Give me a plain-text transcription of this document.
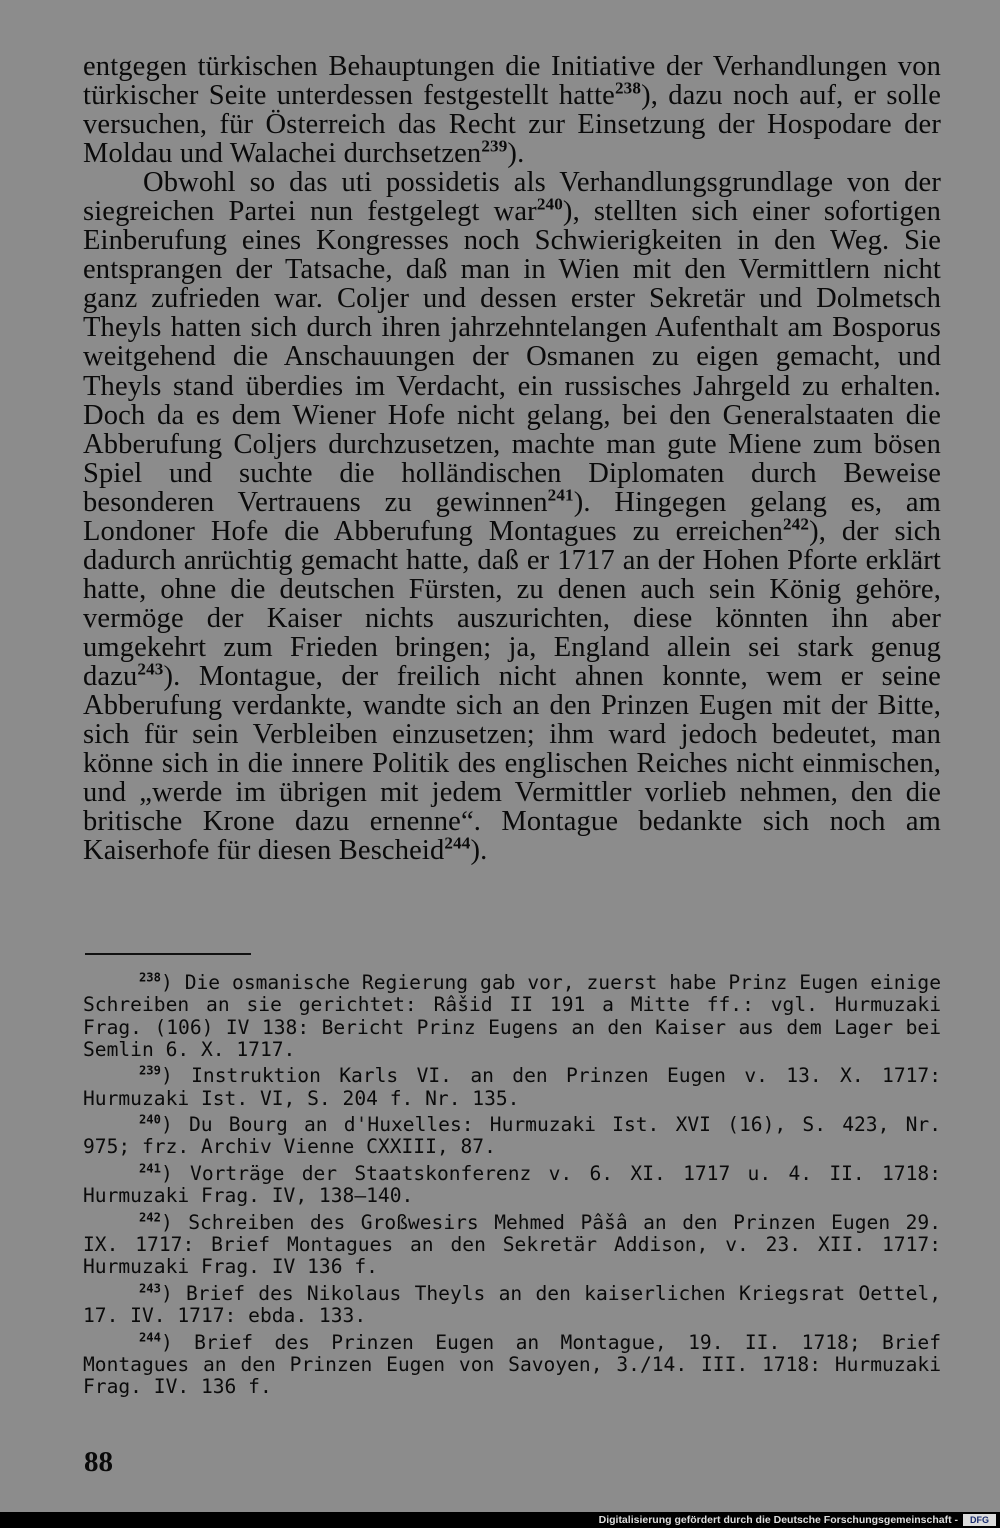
entgegen türkischen Behauptungen die Initiative der Verhandlungen von türkischer Seite unterdessen festgestellt hatte$^{238}$), dazu noch auf, er solle versuchen, für Österreich das Recht zur Einsetzung der Hospodare der Moldau und Walachei durchsetzen$^{239}$).

Obwohl so das uti possidetis als Verhandlungsgrundlage von der siegreichen Partei nun festgelegt war$^{240}$), stellten sich einer sofortigen Einberufung eines Kongresses noch Schwierigkeiten in den Weg. Sie entsprangen der Tatsache, daß man in Wien mit den Vermittlern nicht ganz zufrieden war. Coljer und dessen erster Sekretär und Dolmetsch Theyls hatten sich durch ihren jahrzehntelangen Aufenthalt am Bosporus weitgehend die Anschauungen der Osmanen zu eigen gemacht, und Theyls stand überdies im Verdacht, ein russisches Jahrgeld zu erhalten. Doch da es dem Wiener Hofe nicht gelang, bei den Generalstaaten die Abberufung Coljers durchzusetzen, machte man gute Miene zum bösen Spiel und suchte die holländischen Diplomaten durch Beweise besonderen Vertrauens zu gewinnen$^{241}$). Hingegen gelang es, am Londoner Hofe die Abberufung Montagues zu erreichen$^{242}$), der sich dadurch anrüchtig gemacht hatte, daß er 1717 an der Hohen Pforte erklärt hatte, ohne die deutschen Fürsten, zu denen auch sein König gehöre, vermöge der Kaiser nichts auszurichten, diese könnten ihn aber umgekehrt zum Frieden bringen; ja, England allein sei stark genug dazu$^{243}$). Montague, der freilich nicht ahnen konnte, wem er seine Abberufung verdankte, wandte sich an den Prinzen Eugen mit der Bitte, sich für sein Verbleiben einzusetzen; ihm ward jedoch bedeutet, man könne sich in die innere Politik des englischen Reiches nicht einmischen, und „werde im übrigen mit jedem Vermittler vorlieb nehmen, den die britische Krone dazu ernenne“. Montague bedankte sich noch am Kaiserhofe für diesen Bescheid$^{244}$).

$^{238}$) Die osmanische Regierung gab vor, zuerst habe Prinz Eugen einige Schreiben an sie gerichtet: Râšid II 191 a Mitte ff.: vgl. Hurmuzaki Frag. (106) IV 138: Bericht Prinz Eugens an den Kaiser aus dem Lager bei Semlin 6. X. 1717.

$^{239}$) Instruktion Karls VI. an den Prinzen Eugen v. 13. X. 1717: Hurmuzaki Ist. VI, S. 204 f. Nr. 135.

$^{240}$) Du Bourg an d'Huxelles: Hurmuzaki Ist. XVI (16), S. 423, Nr. 975; frz. Archiv Vienne CXXIII, 87.

$^{241}$) Vorträge der Staatskonferenz v. 6. XI. 1717 u. 4. II. 1718: Hurmuzaki Frag. IV, 138—140.

$^{242}$) Schreiben des Großwesirs Mehmed Pâšâ an den Prinzen Eugen 29. IX. 1717: Brief Montagues an den Sekretär Addison, v. 23. XII. 1717: Hurmuzaki Frag. IV 136 f.

$^{243}$) Brief des Nikolaus Theyls an den kaiserlichen Kriegsrat Oettel, 17. IV. 1717: ebda. 133.

$^{244}$) Brief des Prinzen Eugen an Montague, 19. II. 1718; Brief Montagues an den Prinzen Eugen von Savoyen, 3./14. III. 1718: Hurmuzaki Frag. IV. 136 f.

88
Digitalisierung gefördert durch die Deutsche Forschungsgemeinschaft -	DFG
